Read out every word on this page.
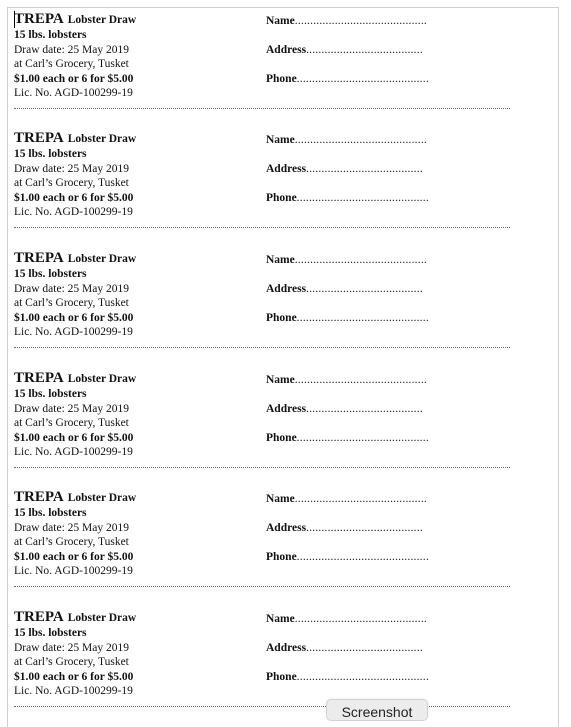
TREPA Lobster Draw
15 lbs. lobsters
Draw date: 25 May 2019
at Carl’s Grocery, Tusket
$1.00 each or 6 for $5.00
Lic. No. AGD-100299-19
Name...........................................
Address......................................
Phone...........................................
TREPA Lobster Draw
15 lbs. lobsters
Draw date: 25 May 2019
at Carl’s Grocery, Tusket
$1.00 each or 6 for $5.00
Lic. No. AGD-100299-19
Name...........................................
Address......................................
Phone...........................................
TREPA Lobster Draw
15 lbs. lobsters
Draw date: 25 May 2019
at Carl’s Grocery, Tusket
$1.00 each or 6 for $5.00
Lic. No. AGD-100299-19
Name...........................................
Address......................................
Phone...........................................
TREPA Lobster Draw
15 lbs. lobsters
Draw date: 25 May 2019
at Carl’s Grocery, Tusket
$1.00 each or 6 for $5.00
Lic. No. AGD-100299-19
Name...........................................
Address......................................
Phone...........................................
TREPA Lobster Draw
15 lbs. lobsters
Draw date: 25 May 2019
at Carl’s Grocery, Tusket
$1.00 each or 6 for $5.00
Lic. No. AGD-100299-19
Name...........................................
Address......................................
Phone...........................................
TREPA Lobster Draw
15 lbs. lobsters
Draw date: 25 May 2019
at Carl’s Grocery, Tusket
$1.00 each or 6 for $5.00
Lic. No. AGD-100299-19
Name...........................................
Address......................................
Phone...........................................
Screenshot
